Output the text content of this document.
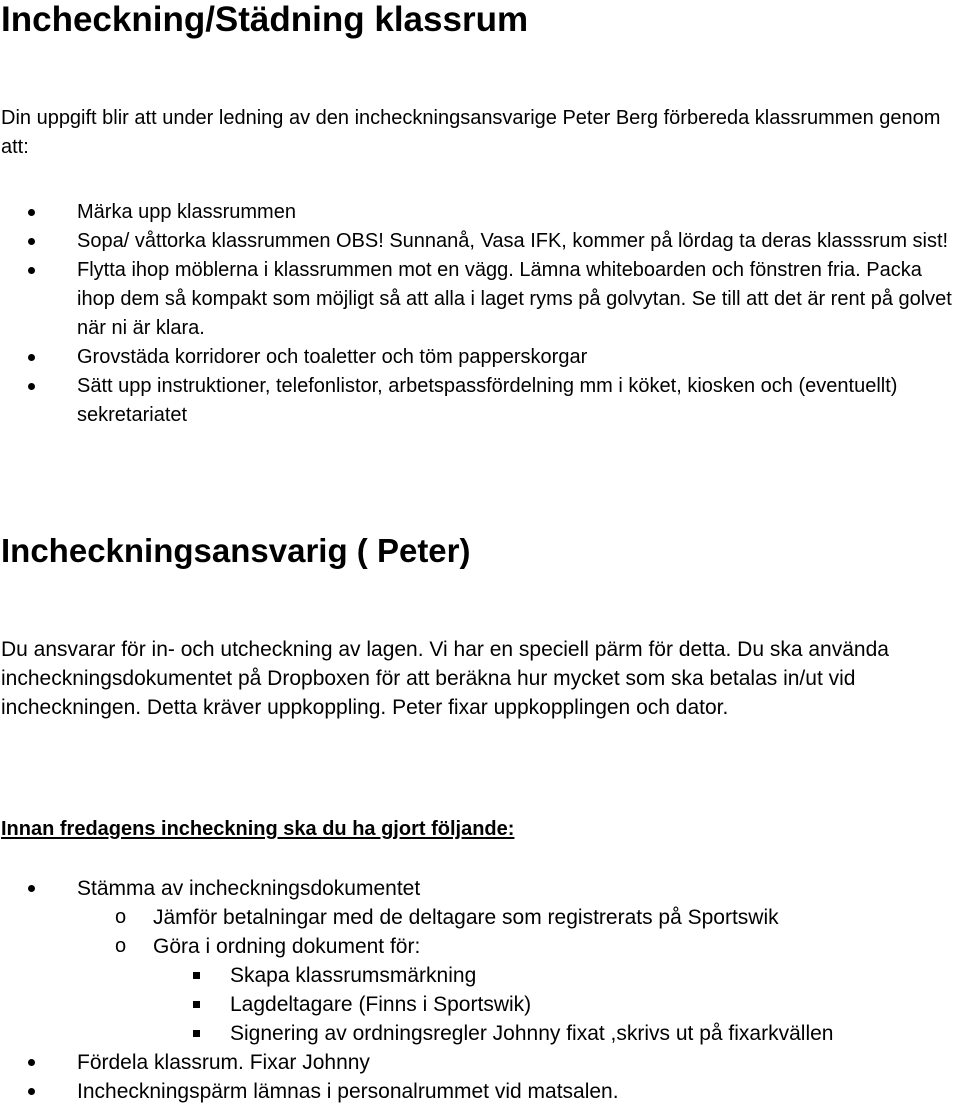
Incheckning/Städning klassrum

Din uppgift blir att under ledning av den incheckningsansvarige Peter Berg förbereda klassrummen genom att:

Märka upp klassrummen
Sopa/ våttorka klassrummen OBS! Sunnanå, Vasa IFK, kommer på lördag ta deras klasssrum sist!
Flytta ihop möblerna i klassrummen mot en vägg. Lämna whiteboarden och fönstren fria. Packa ihop dem så kompakt som möjligt så att alla i laget ryms på golvytan. Se till att det är rent på golvet när ni är klara.
Grovstäda korridorer och toaletter och töm papperskorgar
Sätt upp instruktioner, telefonlistor, arbetspassfördelning mm i köket, kiosken och (eventuellt) sekretariatet
Incheckningsansvarig ( Peter)

Du ansvarar för in- och utcheckning av lagen. Vi har en speciell pärm för detta. Du ska använda incheckningsdokumentet på Dropboxen för att beräkna hur mycket som ska betalas in/ut vid incheckningen. Detta kräver uppkoppling. Peter fixar uppkopplingen och dator.

Innan fredagens incheckning ska du ha gjort följande:
Stämma av incheckningsdokumentet
o Jämför betalningar med de deltagare som registrerats på Sportswik
o Göra i ordning dokument för:
Skapa klassrumsmärkning
Lagdeltagare (Finns i Sportswik)
Signering av ordningsregler Johnny fixat ,skrivs ut på fixarkvällen
Fördela klassrum. Fixar Johnny
Incheckningspärm lämnas i personalrummet vid matsalen.
